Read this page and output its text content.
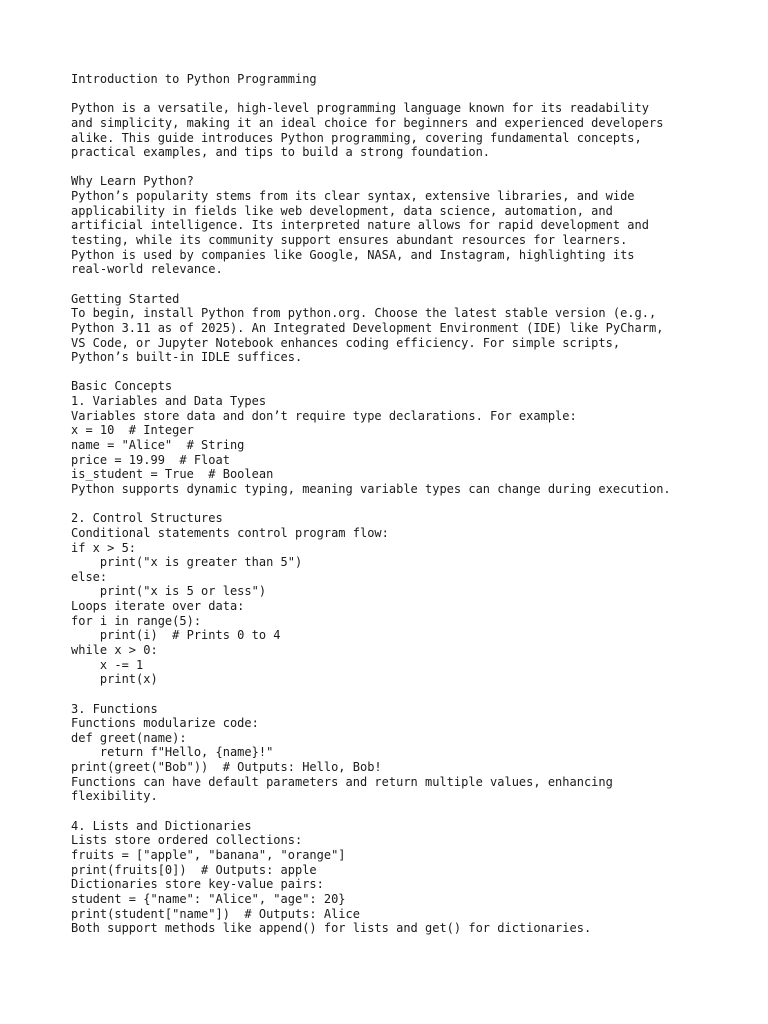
Introduction to Python Programming
Python is a versatile, high-level programming language known for its readability
and simplicity, making it an ideal choice for beginners and experienced developers
alike. This guide introduces Python programming, covering fundamental concepts,
practical examples, and tips to build a strong foundation.
Why Learn Python?
Python’s popularity stems from its clear syntax, extensive libraries, and wide
applicability in fields like web development, data science, automation, and
artificial intelligence. Its interpreted nature allows for rapid development and
testing, while its community support ensures abundant resources for learners.
Python is used by companies like Google, NASA, and Instagram, highlighting its
real-world relevance.
Getting Started
To begin, install Python from python.org. Choose the latest stable version (e.g.,
Python 3.11 as of 2025). An Integrated Development Environment (IDE) like PyCharm,
VS Code, or Jupyter Notebook enhances coding efficiency. For simple scripts,
Python’s built-in IDLE suffices.
Basic Concepts
1. Variables and Data Types
Variables store data and don’t require type declarations. For example:
x = 10  # Integer
name = "Alice"  # String
price = 19.99  # Float
is_student = True  # Boolean
Python supports dynamic typing, meaning variable types can change during execution.
2. Control Structures
Conditional statements control program flow:
if x > 5:
print("x is greater than 5")
else:
print("x is 5 or less")
Loops iterate over data:
for i in range(5):
print(i)  # Prints 0 to 4
while x > 0:
x -= 1
print(x)
3. Functions
Functions modularize code:
def greet(name):
return f"Hello, {name}!"
print(greet("Bob"))  # Outputs: Hello, Bob!
Functions can have default parameters and return multiple values, enhancing
flexibility.
4. Lists and Dictionaries
Lists store ordered collections:
fruits = ["apple", "banana", "orange"]
print(fruits[0])  # Outputs: apple
Dictionaries store key-value pairs:
student = {"name": "Alice", "age": 20}
print(student["name"])  # Outputs: Alice
Both support methods like append() for lists and get() for dictionaries.
